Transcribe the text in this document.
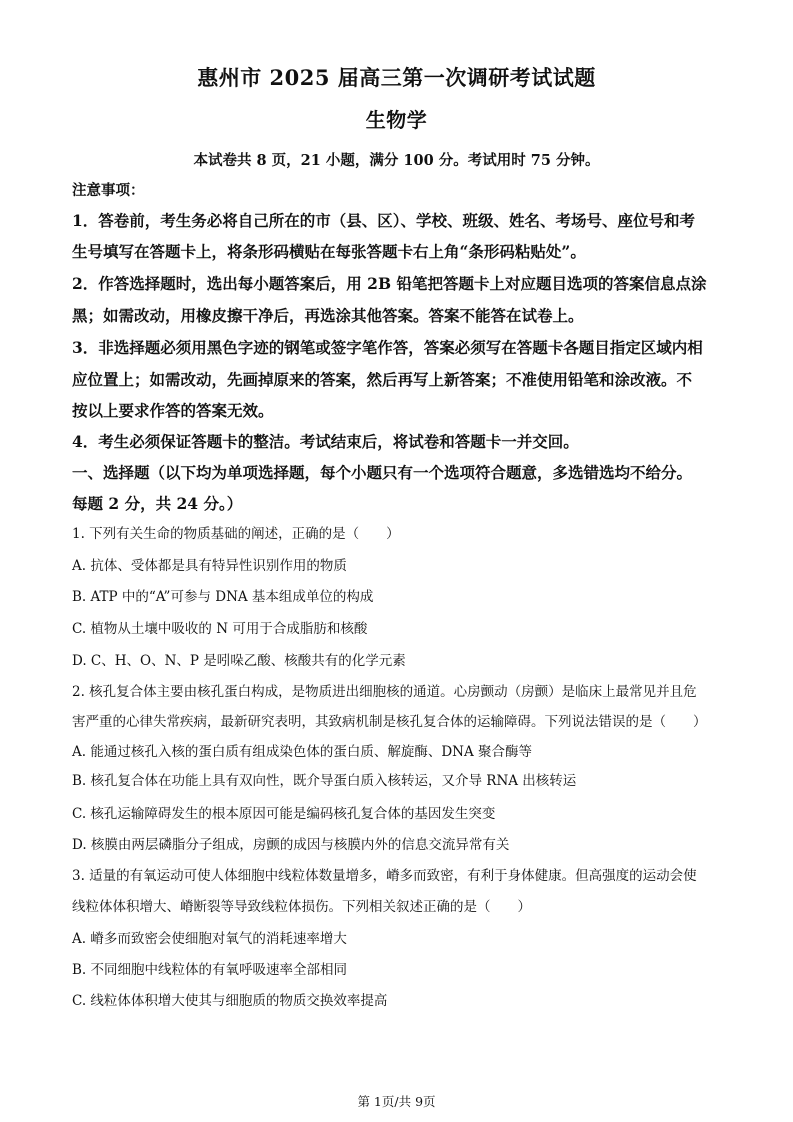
惠州市 2025 届高三第一次调研考试试题
生物学
本试卷共 8 页，21 小题，满分 100 分。考试用时 75 分钟。
注意事项：
1．答卷前，考生务必将自己所在的市（县、区）、学校、班级、姓名、考场号、座位号和考
生号填写在答题卡上，将条形码横贴在每张答题卡右上角“条形码粘贴处”。
2．作答选择题时，选出每小题答案后，用 2B 铅笔把答题卡上对应题目选项的答案信息点涂
黑；如需改动，用橡皮擦干净后，再选涂其他答案。答案不能答在试卷上。
3．非选择题必须用黑色字迹的钢笔或签字笔作答，答案必须写在答题卡各题目指定区域内相
应位置上；如需改动，先画掉原来的答案，然后再写上新答案；不准使用铅笔和涂改液。不
按以上要求作答的答案无效。
4．考生必须保证答题卡的整洁。考试结束后，将试卷和答题卡一并交回。
一、选择题（以下均为单项选择题，每个小题只有一个选项符合题意，多选错选均不给分。
每题 2 分，共 24 分。）
1. 下列有关生命的物质基础的阐述，正确的是（　　）
A. 抗体、受体都是具有特异性识别作用的物质
B. ATP 中的“A”可参与 DNA 基本组成单位的构成
C. 植物从土壤中吸收的 N 可用于合成脂肪和核酸
D. C、H、O、N、P 是吲哚乙酸、核酸共有的化学元素
2. 核孔复合体主要由核孔蛋白构成，是物质进出细胞核的通道。心房颤动（房颤）是临床上最常见并且危
害严重的心律失常疾病，最新研究表明，其致病机制是核孔复合体的运输障碍。下列说法错误的是（　　）
A. 能通过核孔入核的蛋白质有组成染色体的蛋白质、解旋酶、DNA 聚合酶等
B. 核孔复合体在功能上具有双向性，既介导蛋白质入核转运，又介导 RNA 出核转运
C. 核孔运输障碍发生的根本原因可能是编码核孔复合体的基因发生突变
D. 核膜由两层磷脂分子组成，房颤的成因与核膜内外的信息交流异常有关
3. 适量的有氧运动可使人体细胞中线粒体数量增多，嵴多而致密，有利于身体健康。但高强度的运动会使
线粒体体积增大、嵴断裂等导致线粒体损伤。下列相关叙述正确的是（　　）
A. 嵴多而致密会使细胞对氧气的消耗速率增大
B. 不同细胞中线粒体的有氧呼吸速率全部相同
C. 线粒体体积增大使其与细胞质的物质交换效率提高
第 1页/共 9页
